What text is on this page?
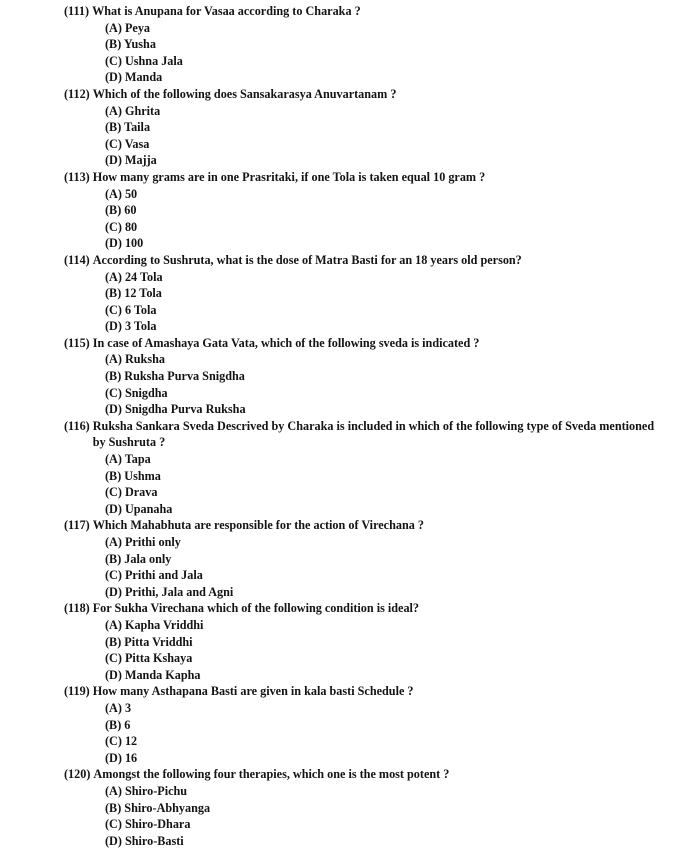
(111) What is Anupana for Vasaa according to Charaka ?
(A) Peya
(B) Yusha
(C) Ushna Jala
(D) Manda
(112) Which of the following does Sansakarasya Anuvartanam ?
(A) Ghrita
(B) Taila
(C) Vasa
(D) Majja
(113) How many grams are in one Prasritaki, if one Tola is taken equal 10 gram ?
(A) 50
(B) 60
(C) 80
(D) 100
(114) According to Sushruta, what is the dose of Matra Basti for an 18 years old person?
(A) 24 Tola
(B) 12 Tola
(C) 6 Tola
(D) 3 Tola
(115) In case of Amashaya Gata Vata, which of the following sveda is indicated ?
(A) Ruksha
(B) Ruksha Purva Snigdha
(C) Snigdha
(D) Snigdha Purva Ruksha
(116) Ruksha Sankara Sveda Descrived by Charaka is included in which of the following type of Sveda mentioned by Sushruta ?
(A) Tapa
(B) Ushma
(C) Drava
(D) Upanaha
(117) Which Mahabhuta are responsible for the action of Virechana ?
(A) Prithi only
(B) Jala only
(C) Prithi and Jala
(D) Prithi, Jala and Agni
(118) For Sukha Virechana which of the following condition is ideal?
(A) Kapha Vriddhi
(B) Pitta Vriddhi
(C) Pitta Kshaya
(D) Manda Kapha
(119) How many Asthapana Basti are given in kala basti Schedule ?
(A) 3
(B) 6
(C) 12
(D) 16
(120) Amongst the following four therapies, which one is the most potent ?
(A) Shiro-Pichu
(B) Shiro-Abhyanga
(C) Shiro-Dhara
(D) Shiro-Basti
